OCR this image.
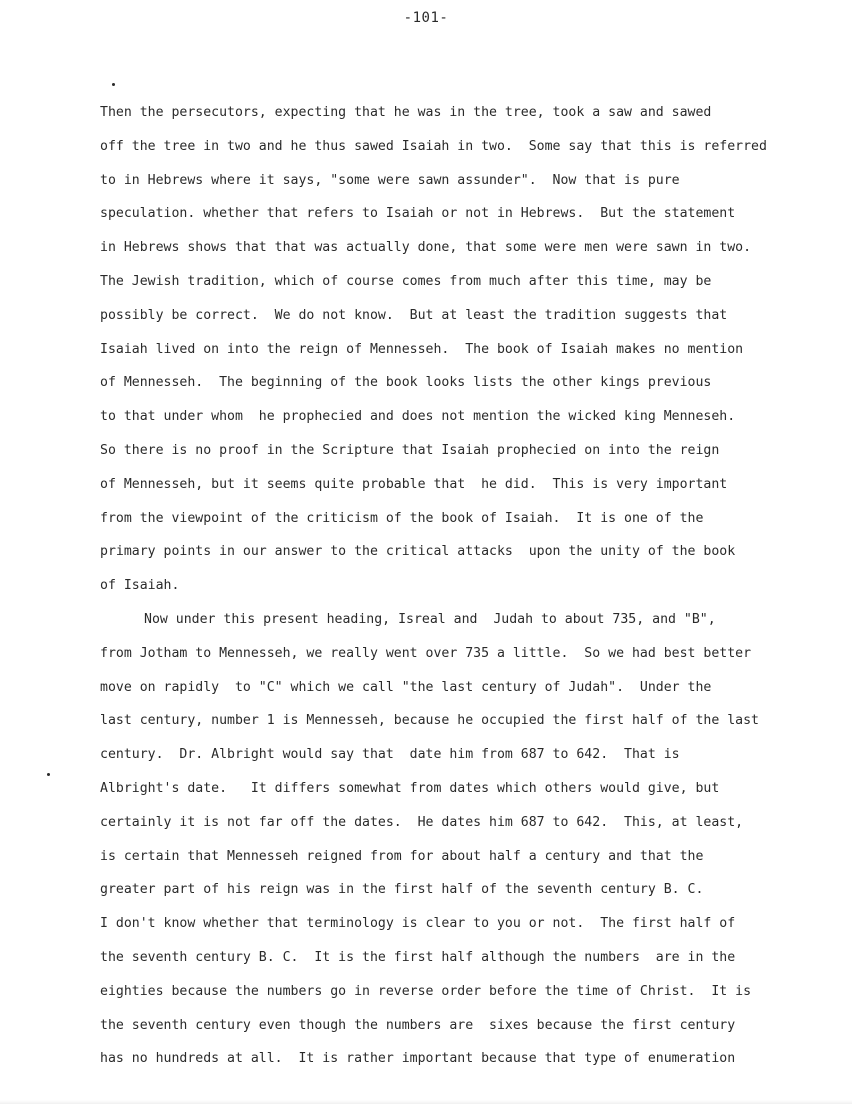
-101-
Then the persecutors, expecting that he was in the tree, took a saw and sawed
off the tree in two and he thus sawed Isaiah in two.  Some say that this is referred
to in Hebrews where it says, "some were sawn assunder".  Now that is pure
speculation. whether that refers to Isaiah or not in Hebrews.  But the statement
in Hebrews shows that that was actually done, that some were men were sawn in two.
The Jewish tradition, which of course comes from much after this time, may be
possibly be correct.  We do not know.  But at least the tradition suggests that
Isaiah lived on into the reign of Mennesseh.  The book of Isaiah makes no mention
of Mennesseh.  The beginning of the book looks lists the other kings previous
to that under whom  he prophecied and does not mention the wicked king Menneseh.
So there is no proof in the Scripture that Isaiah prophecied on into the reign
of Mennesseh, but it seems quite probable that  he did.  This is very important
from the viewpoint of the criticism of the book of Isaiah.  It is one of the
primary points in our answer to the critical attacks  upon the unity of the book
of Isaiah.
Now under this present heading, Isreal and  Judah to about 735, and "B",
from Jotham to Mennesseh, we really went over 735 a little.  So we had best better
move on rapidly  to "C" which we call "the last century of Judah".  Under the
last century, number 1 is Mennesseh, because he occupied the first half of the last
century.  Dr. Albright would say that  date him from 687 to 642.  That is
Albright's date.   It differs somewhat from dates which others would give, but
certainly it is not far off the dates.  He dates him 687 to 642.  This, at least,
is certain that Mennesseh reigned from for about half a century and that the
greater part of his reign was in the first half of the seventh century B. C.
I don't know whether that terminology is clear to you or not.  The first half of
the seventh century B. C.  It is the first half although the numbers  are in the
eighties because the numbers go in reverse order before the time of Christ.  It is
the seventh century even though the numbers are  sixes because the first century
has no hundreds at all.  It is rather important because that type of enumeration
